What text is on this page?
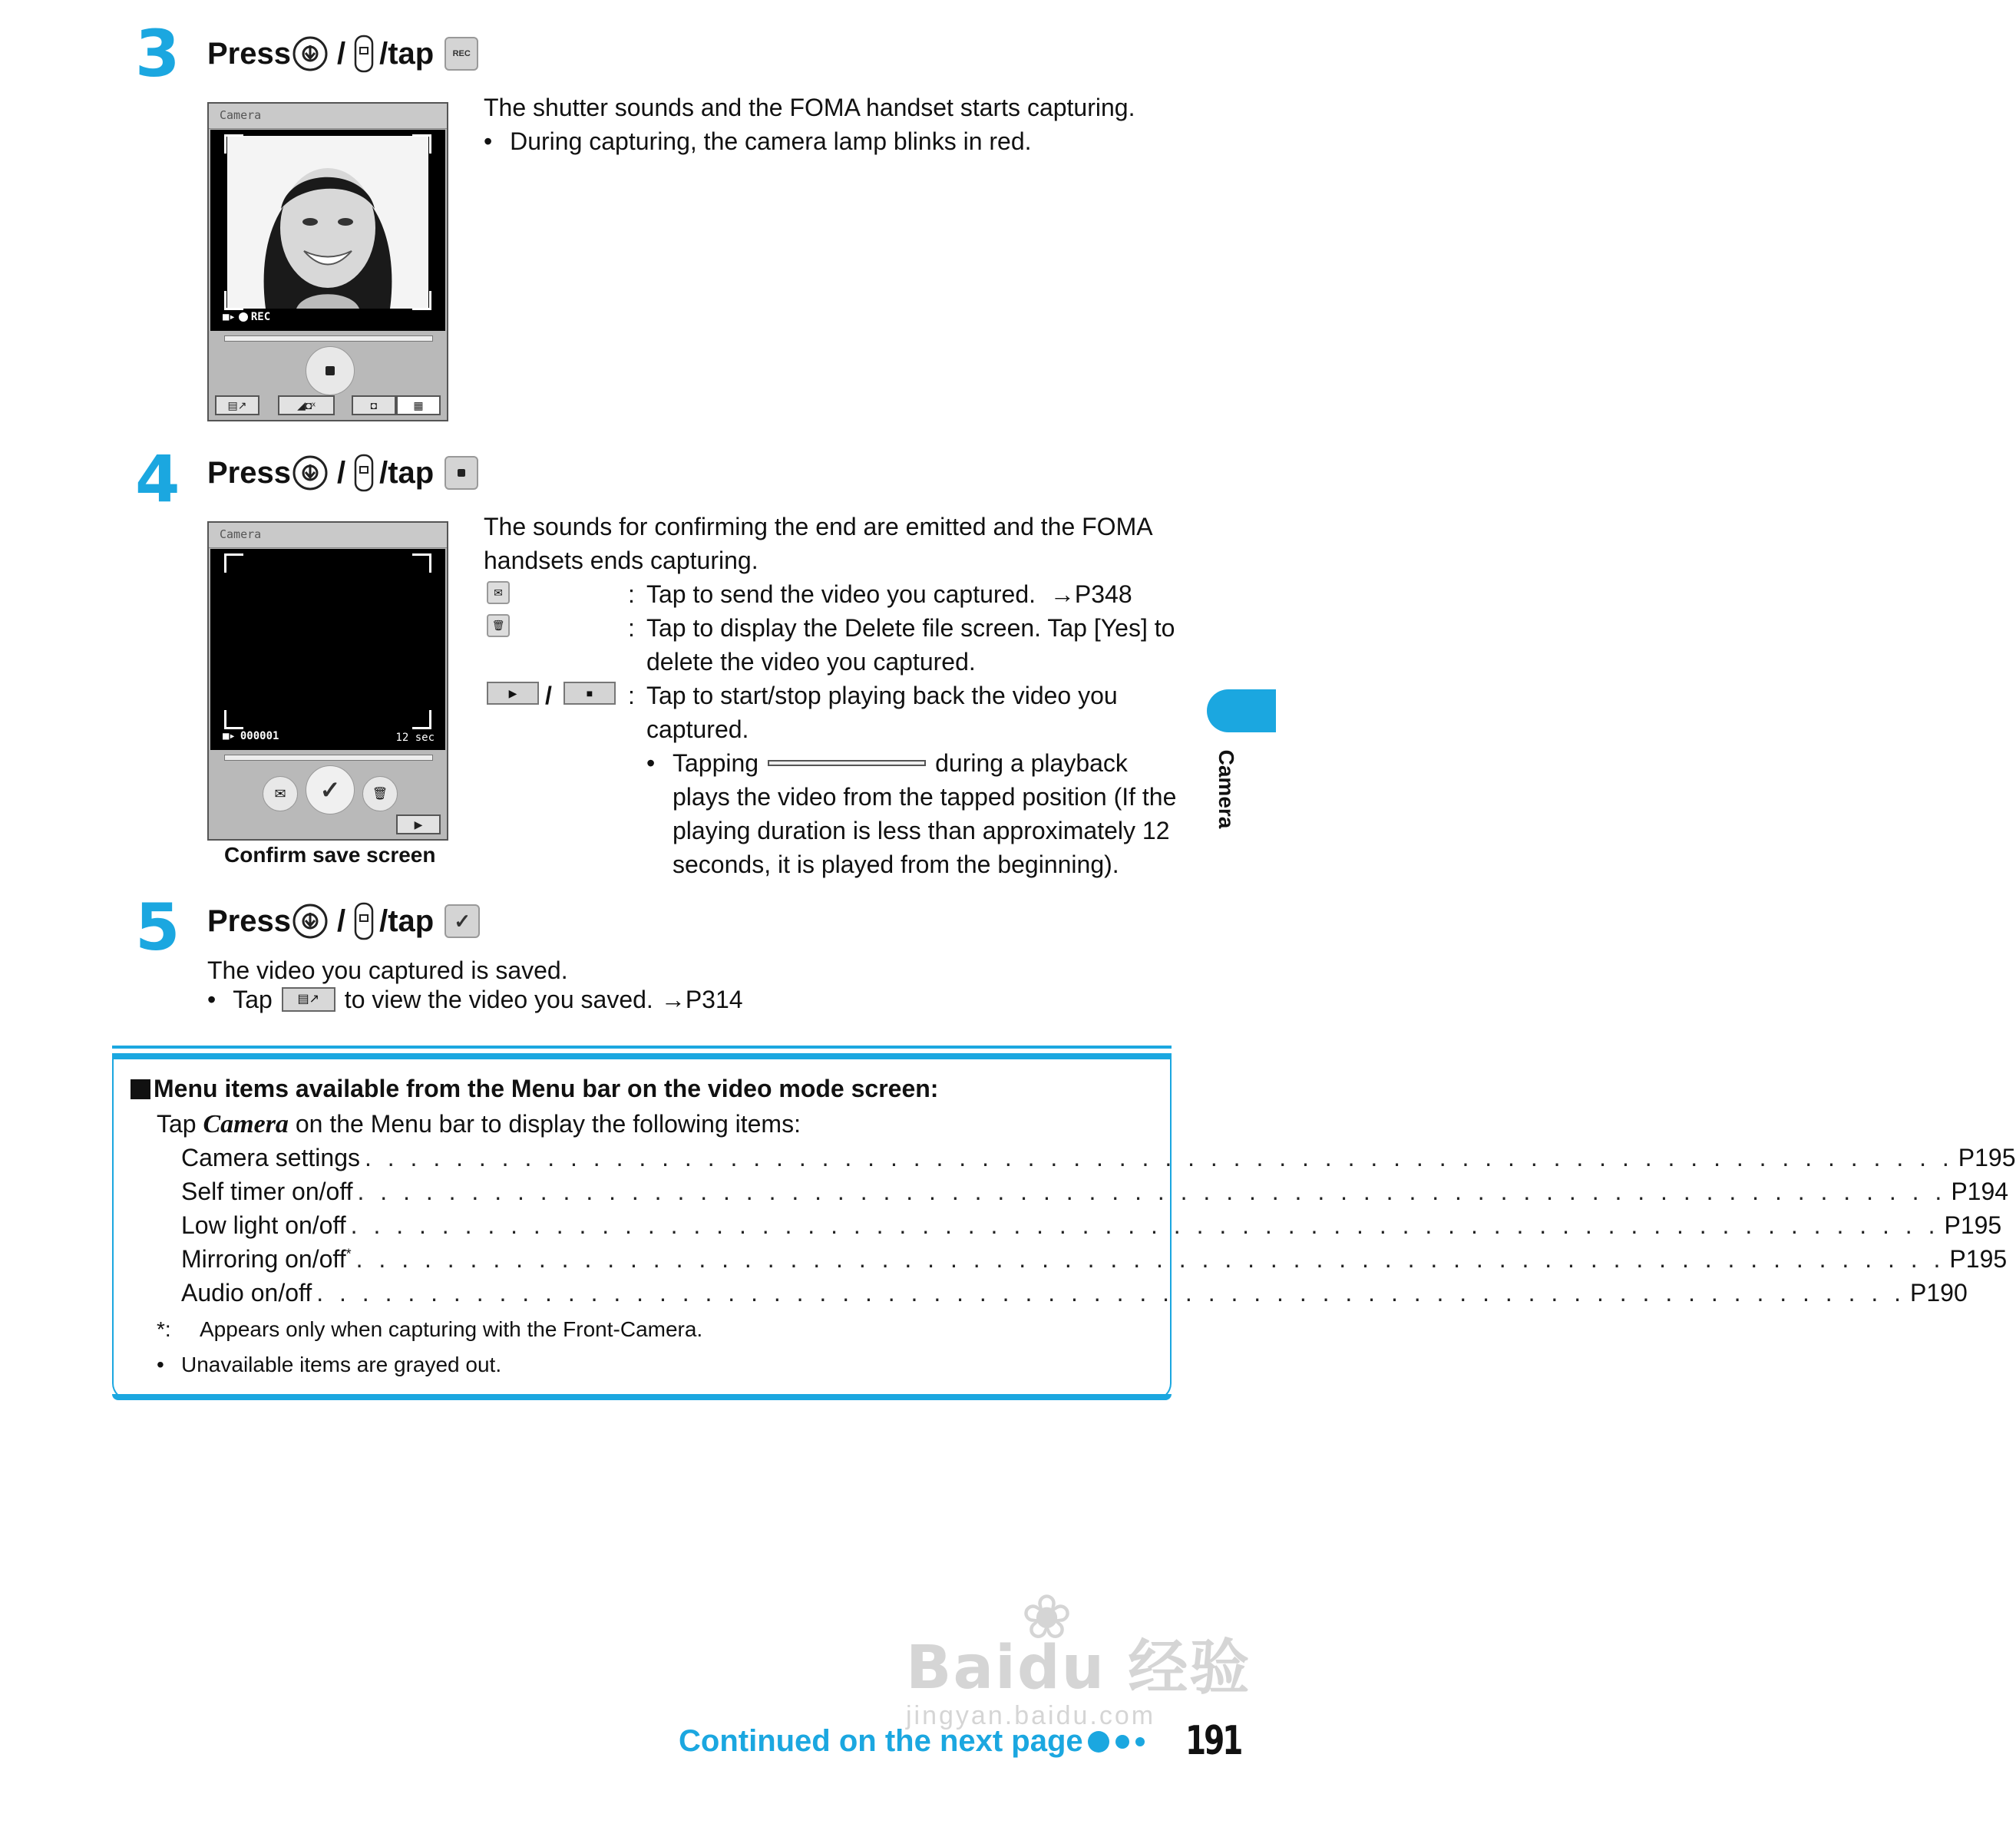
3 Press / /tap	REC
Camera
■▸ REC
▤↗	◢◘ˣ	◘	▦
The shutter sounds and the FOMA handset starts capturing.
• During capturing, the camera lamp blinks in red.
4 Press / /tap
Camera
■▸ 000001	12 sec
✉ ✓	🗑
▶
Confirm save screen
The sounds for confirming the end are emitted and the FOMA
handsets ends capturing.
✉	: Tap to send the video you captured. →P348
🗑	: Tap to display the Delete file screen. Tap [Yes] to
delete the video you captured.
▶	/	■	: Tap to start/stop playing back the video you
captured.
• Tapping	during a playback
plays the video from the tapped position (If the
playing duration is less than approximately 12
seconds, it is played from the beginning).
5 Press / /tap	✓
The video you captured is saved.
• Tap	▤↗	to view the video you saved. → P314
Menu items available from the Menu bar on the video mode screen:
Tap Camera on the Menu bar to display the following items:
Camera settings . . . . . . . . . . . . . . . . . . . . . . . . . . . . . . . . . . . . . . . . . . . . . . . . . . . . . . . . . . . . . . . . . . . . . . P195
Self timer on/off . . . . . . . . . . . . . . . . . . . . . . . . . . . . . . . . . . . . . . . . . . . . . . . . . . . . . . . . . . . . . . . . . . . . . . P194
Low light on/off . . . . . . . . . . . . . . . . . . . . . . . . . . . . . . . . . . . . . . . . . . . . . . . . . . . . . . . . . . . . . . . . . . . . . . P195
Mirroring on/off* . . . . . . . . . . . . . . . . . . . . . . . . . . . . . . . . . . . . . . . . . . . . . . . . . . . . . . . . . . . . . . . . . . . . . . P195
Audio on/off . . . . . . . . . . . . . . . . . . . . . . . . . . . . . . . . . . . . . . . . . . . . . . . . . . . . . . . . . . . . . . . . . . . . . . P190
*:	Appears only when capturing with the Front-Camera.
• Unavailable items are grayed out.
Camera
❀
Baidu 经验
jingyan.baidu.com
Continued on the next page	191
